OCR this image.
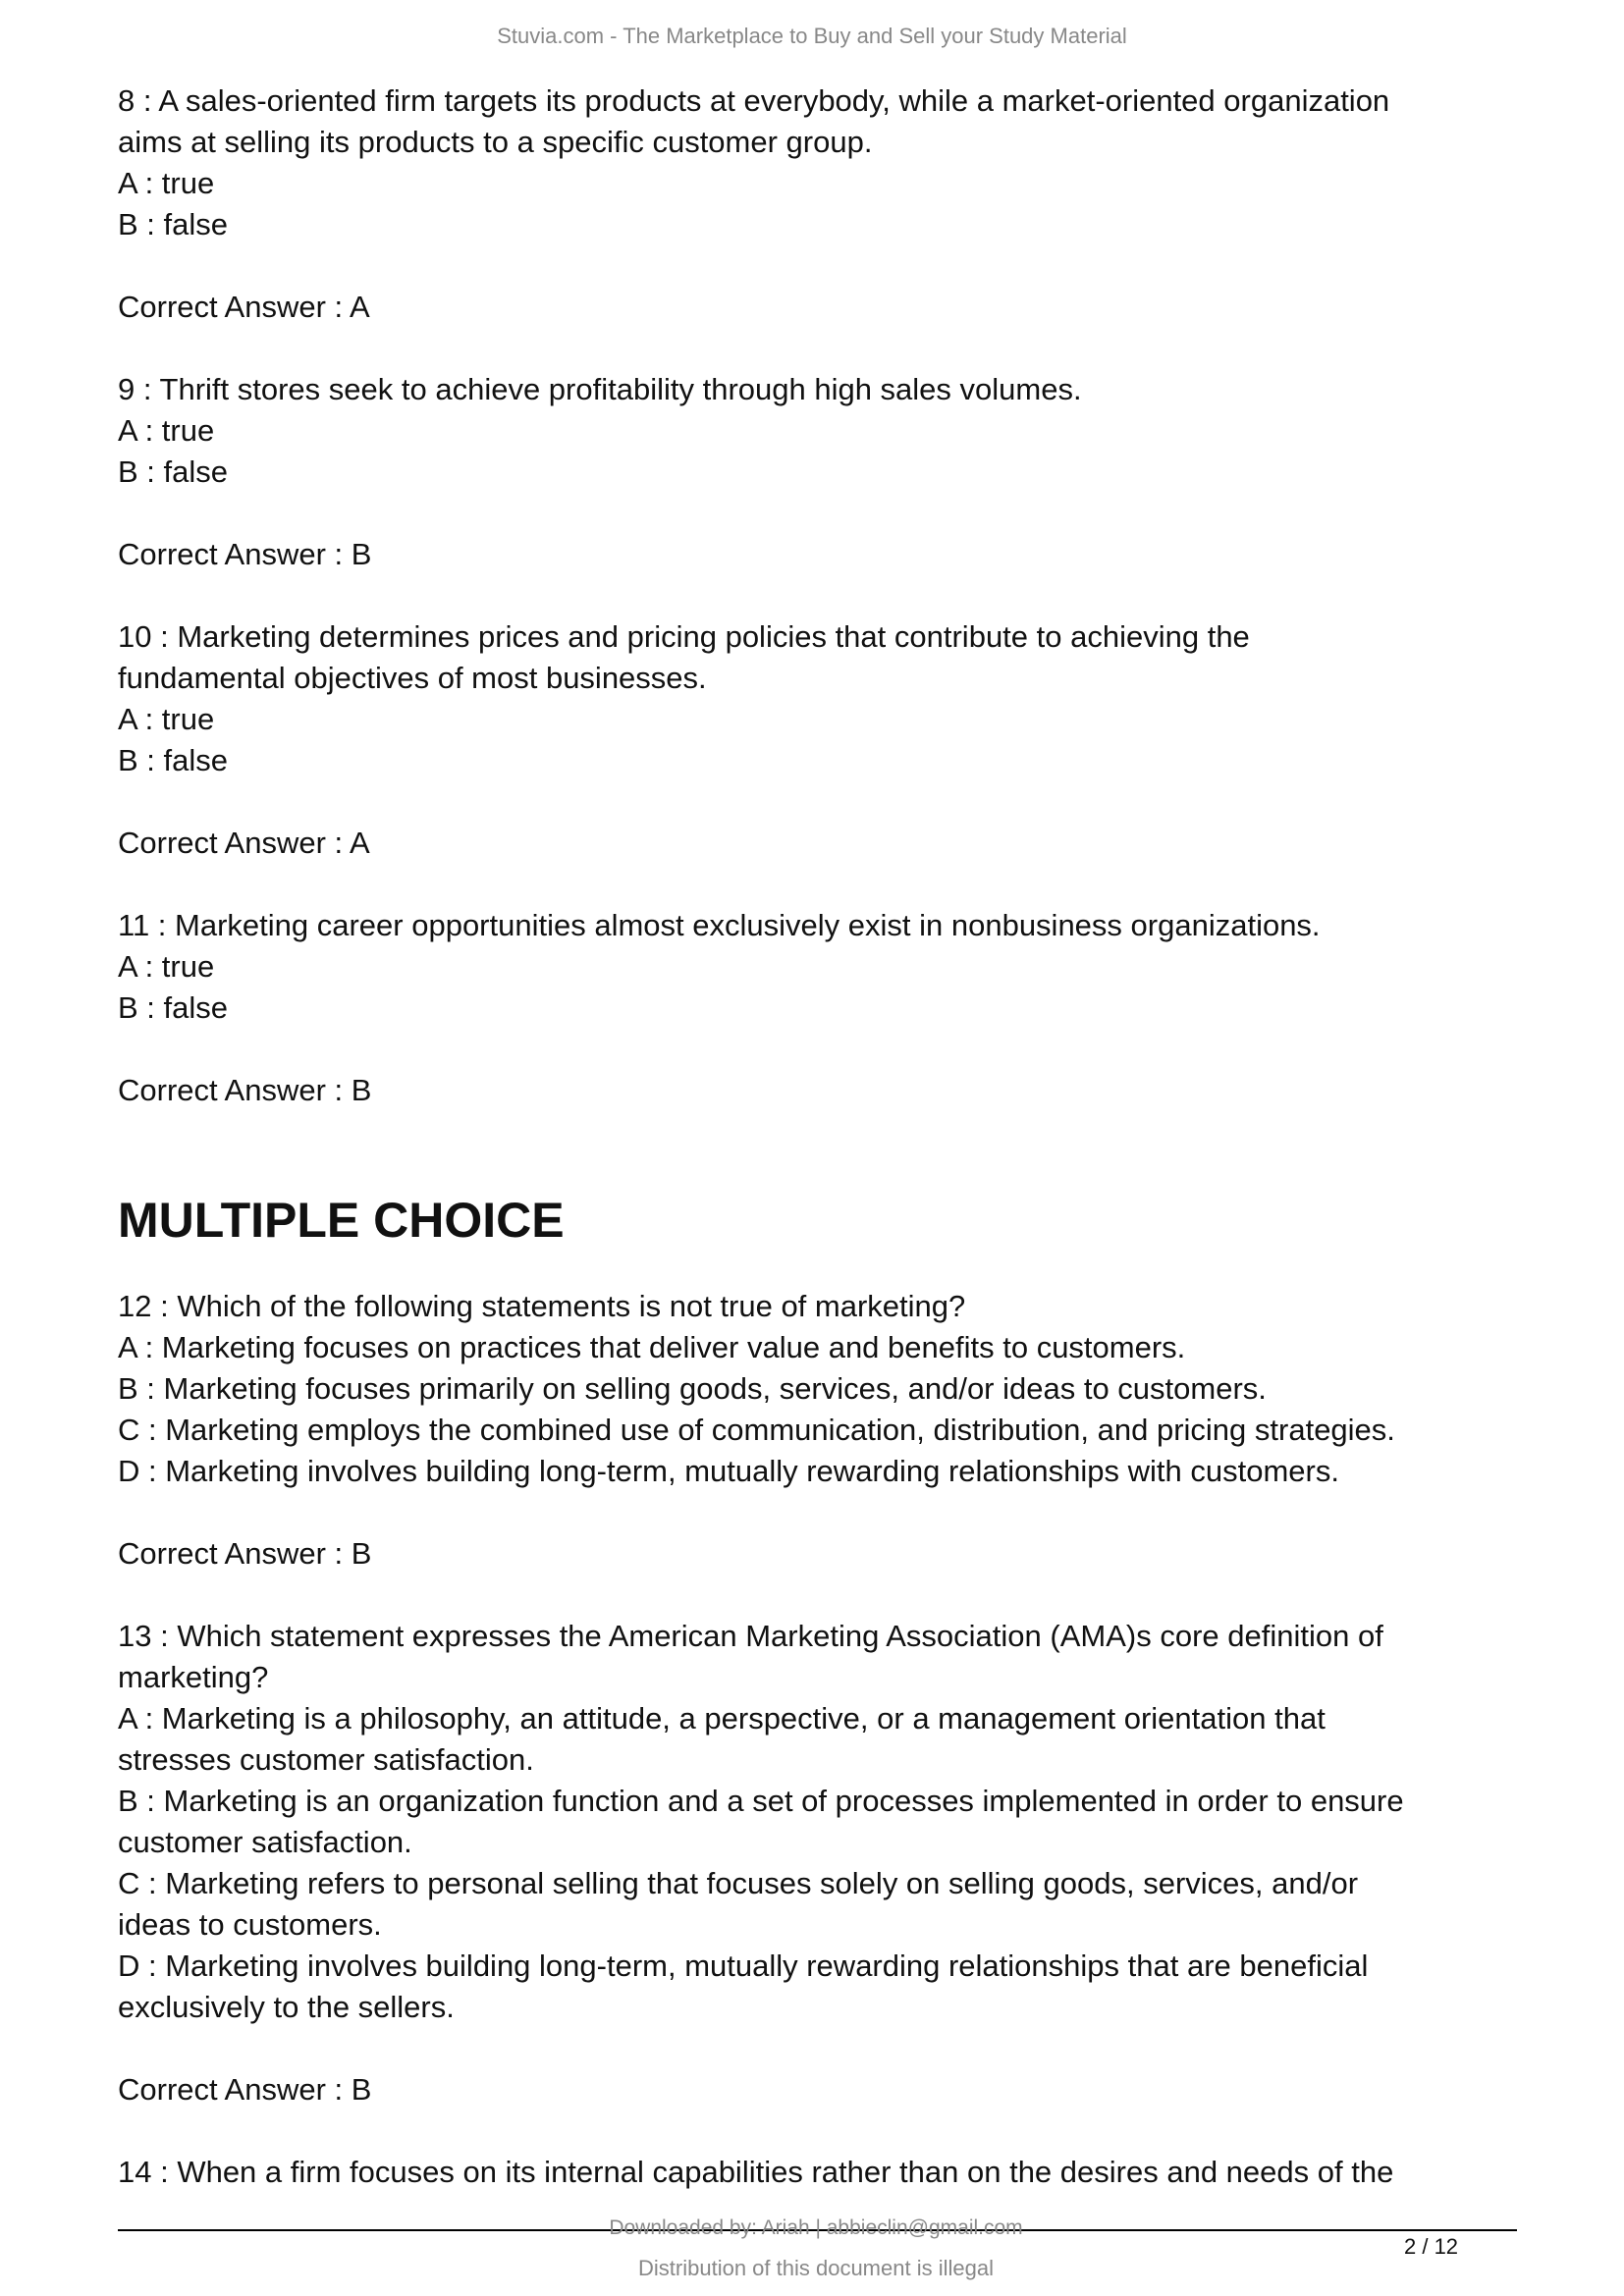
Stuvia.com - The Marketplace to Buy and Sell your Study Material
8 : A sales-oriented firm targets its products at everybody, while a market-oriented organization
aims at selling its products to a specific customer group.
A : true
B : false
Correct Answer : A
9 : Thrift stores seek to achieve profitability through high sales volumes.
A : true
B : false
Correct Answer : B
10 : Marketing determines prices and pricing policies that contribute to achieving the
fundamental objectives of most businesses.
A : true
B : false
Correct Answer : A
11 : Marketing career opportunities almost exclusively exist in nonbusiness organizations.
A : true
B : false
Correct Answer : B
MULTIPLE CHOICE
12 : Which of the following statements is not true of marketing?
A : Marketing focuses on practices that deliver value and benefits to customers.
B : Marketing focuses primarily on selling goods, services, and/or ideas to customers.
C : Marketing employs the combined use of communication, distribution, and pricing strategies.
D : Marketing involves building long-term, mutually rewarding relationships with customers.
Correct Answer : B
13 : Which statement expresses the American Marketing Association (AMA)s core definition of
marketing?
A : Marketing is a philosophy, an attitude, a perspective, or a management orientation that
stresses customer satisfaction.
B : Marketing is an organization function and a set of processes implemented in order to ensure
customer satisfaction.
C : Marketing refers to personal selling that focuses solely on selling goods, services, and/or
ideas to customers.
D : Marketing involves building long-term, mutually rewarding relationships that are beneficial
exclusively to the sellers.
Correct Answer : B
14 : When a firm focuses on its internal capabilities rather than on the desires and needs of the
Downloaded by: Ariah | abbieclin@gmail.com
2 / 12
Distribution of this document is illegal
